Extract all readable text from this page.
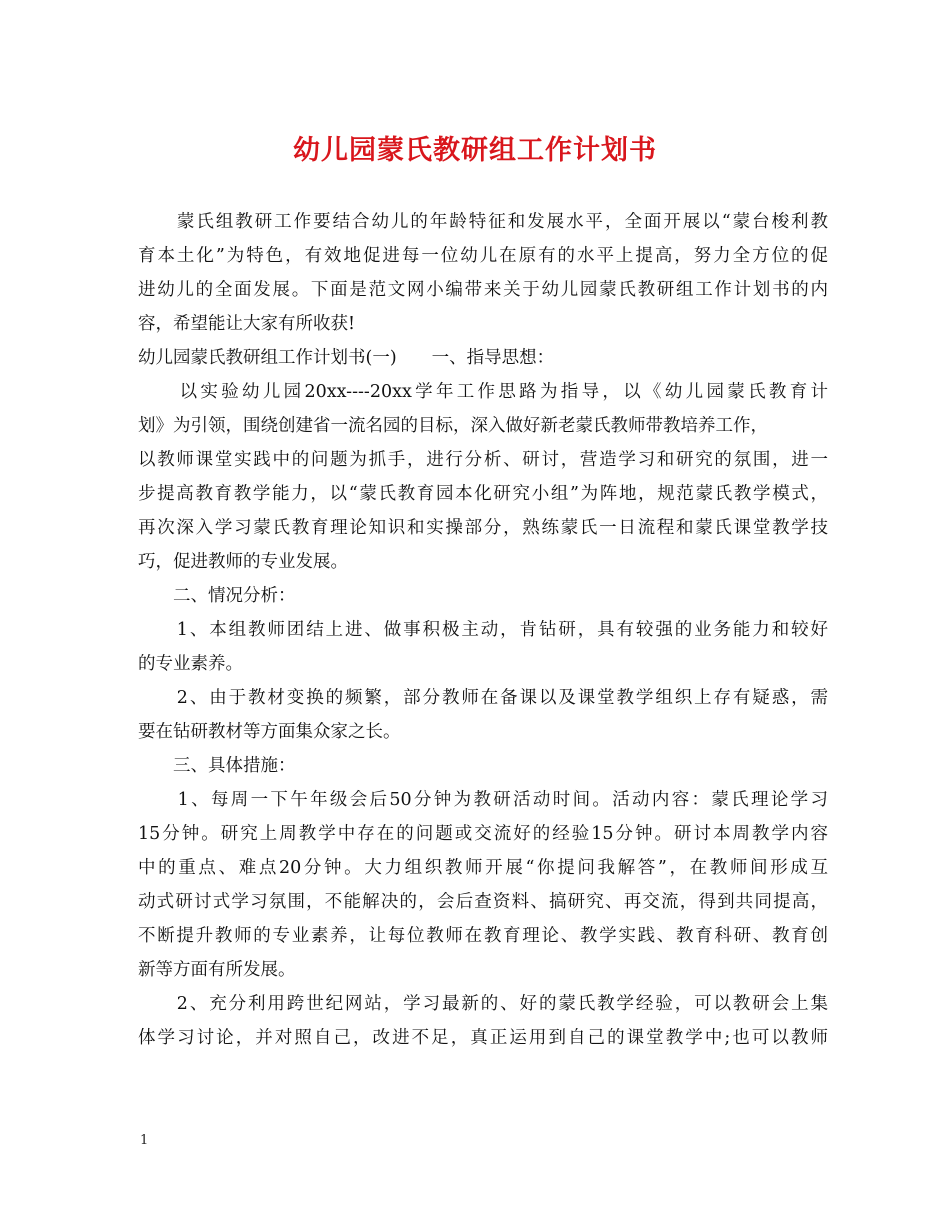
幼儿园蒙氏教研组工作计划书
　　蒙氏组教研工作要结合幼儿的年龄特征和发展水平，全面开展以“蒙台梭利教
育本土化”为特色，有效地促进每一位幼儿在原有的水平上提高，努力全方位的促
进幼儿的全面发展。下面是范文网小编带来关于幼儿园蒙氏教研组工作计划书的内
容，希望能让大家有所收获!
幼儿园蒙氏教研组工作计划书(一)　　一、指导思想：
　　以实验幼儿园20xx----20xx学年工作思路为指导，以《幼儿园蒙氏教育计
划》为引领，围绕创建省一流名园的目标，深入做好新老蒙氏教师带教培养工作，
以教师课堂实践中的问题为抓手，进行分析、研讨，营造学习和研究的氛围，进一
步提高教育教学能力，以“蒙氏教育园本化研究小组”为阵地，规范蒙氏教学模式，
再次深入学习蒙氏教育理论知识和实操部分，熟练蒙氏一日流程和蒙氏课堂教学技
巧，促进教师的专业发展。
　　二、情况分析：
　　1、本组教师团结上进、做事积极主动，肯钻研，具有较强的业务能力和较好
的专业素养。
　　2、由于教材变换的频繁，部分教师在备课以及课堂教学组织上存有疑惑，需
要在钻研教材等方面集众家之长。
　　三、具体措施：
　　1、每周一下午年级会后50分钟为教研活动时间。活动内容：蒙氏理论学习
15分钟。研究上周教学中存在的问题或交流好的经验15分钟。研讨本周教学内容
中的重点、难点20分钟。大力组织教师开展“你提问我解答”，在教师间形成互
动式研讨式学习氛围，不能解决的，会后查资料、搞研究、再交流，得到共同提高，
不断提升教师的专业素养，让每位教师在教育理论、教学实践、教育科研、教育创
新等方面有所发展。
　　2、充分利用跨世纪网站，学习最新的、好的蒙氏教学经验，可以教研会上集
体学习讨论，并对照自己，改进不足，真正运用到自己的课堂教学中;也可以教师
1
